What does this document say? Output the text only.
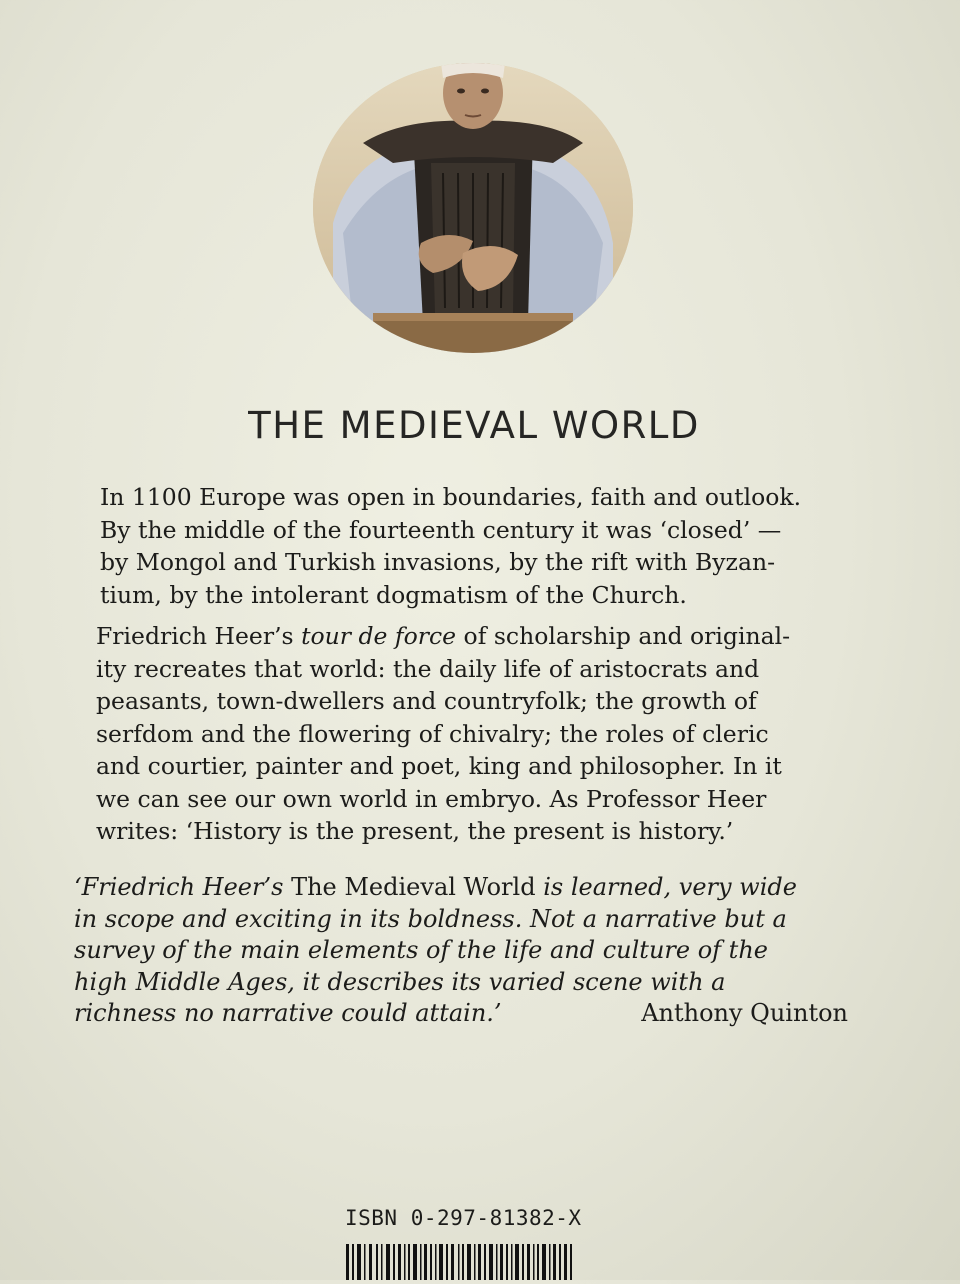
THE MEDIEVAL WORLD
In 1100 Europe was open in boundaries, faith and outlook.
By the middle of the fourteenth century it was ‘closed’ —
by Mongol and Turkish invasions, by the rift with Byzan-
tium, by the intolerant dogmatism of the Church.
Friedrich Heer’s tour de force of scholarship and original-
ity recreates that world: the daily life of aristocrats and
peasants, town-dwellers and countryfolk; the growth of
serfdom and the flowering of chivalry; the roles of cleric
and courtier, painter and poet, king and philosopher. In it
we can see our own world in embryo. As Professor Heer
writes: ‘History is the present, the present is history.’
‘Friedrich Heer’s The Medieval World is learned, very wide
in scope and exciting in its boldness. Not a narrative but a
survey of the main elements of the life and culture of the
high Middle Ages, it describes its varied scene with a
richness no narrative could attain.’	Anthony Quinton
ISBN 0-297-81382-X
